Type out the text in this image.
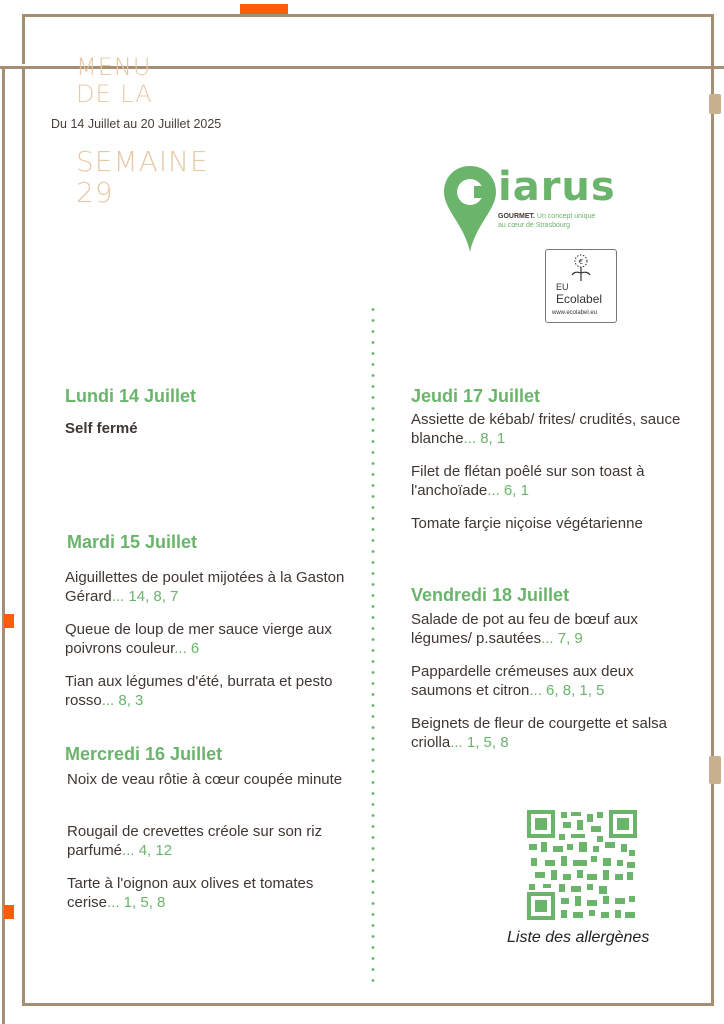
MENU
DE LA
Du 14 Juillet au 20 Juillet 2025
SEMAINE
29	iarus
GOURMET. Un concept unique
au cœur de Strasbourg
€
EU
Ecolabel
www.ecolabel.eu
Lundi 14 Juillet
Self fermé
Mardi 15 Juillet
Aiguillettes de poulet mijotées à la Gaston Gérard... 14, 8, 7
Queue de loup de mer sauce vierge aux poivrons couleur... 6
Tian aux légumes d'été, burrata et pesto rosso... 8, 3
Mercredi 16 Juillet
Noix de veau rôtie à cœur coupée minute
Rougail de crevettes créole sur son riz parfumé... 4, 12
Tarte à l'oignon aux olives et tomates cerise... 1, 5, 8
Jeudi 17 Juillet
Assiette de kébab/ frites/ crudités, sauce blanche... 8, 1
Filet de flétan poêlé sur son toast à l'anchoïade... 6, 1
Tomate farçie niçoise végétarienne
Vendredi 18 Juillet
Salade de pot au feu de bœuf aux légumes/ p.sautées... 7, 9
Pappardelle crémeuses aux deux saumons et citron... 6, 8, 1, 5
Beignets de fleur de courgette et salsa criolla... 1, 5, 8
Liste des allergènes
